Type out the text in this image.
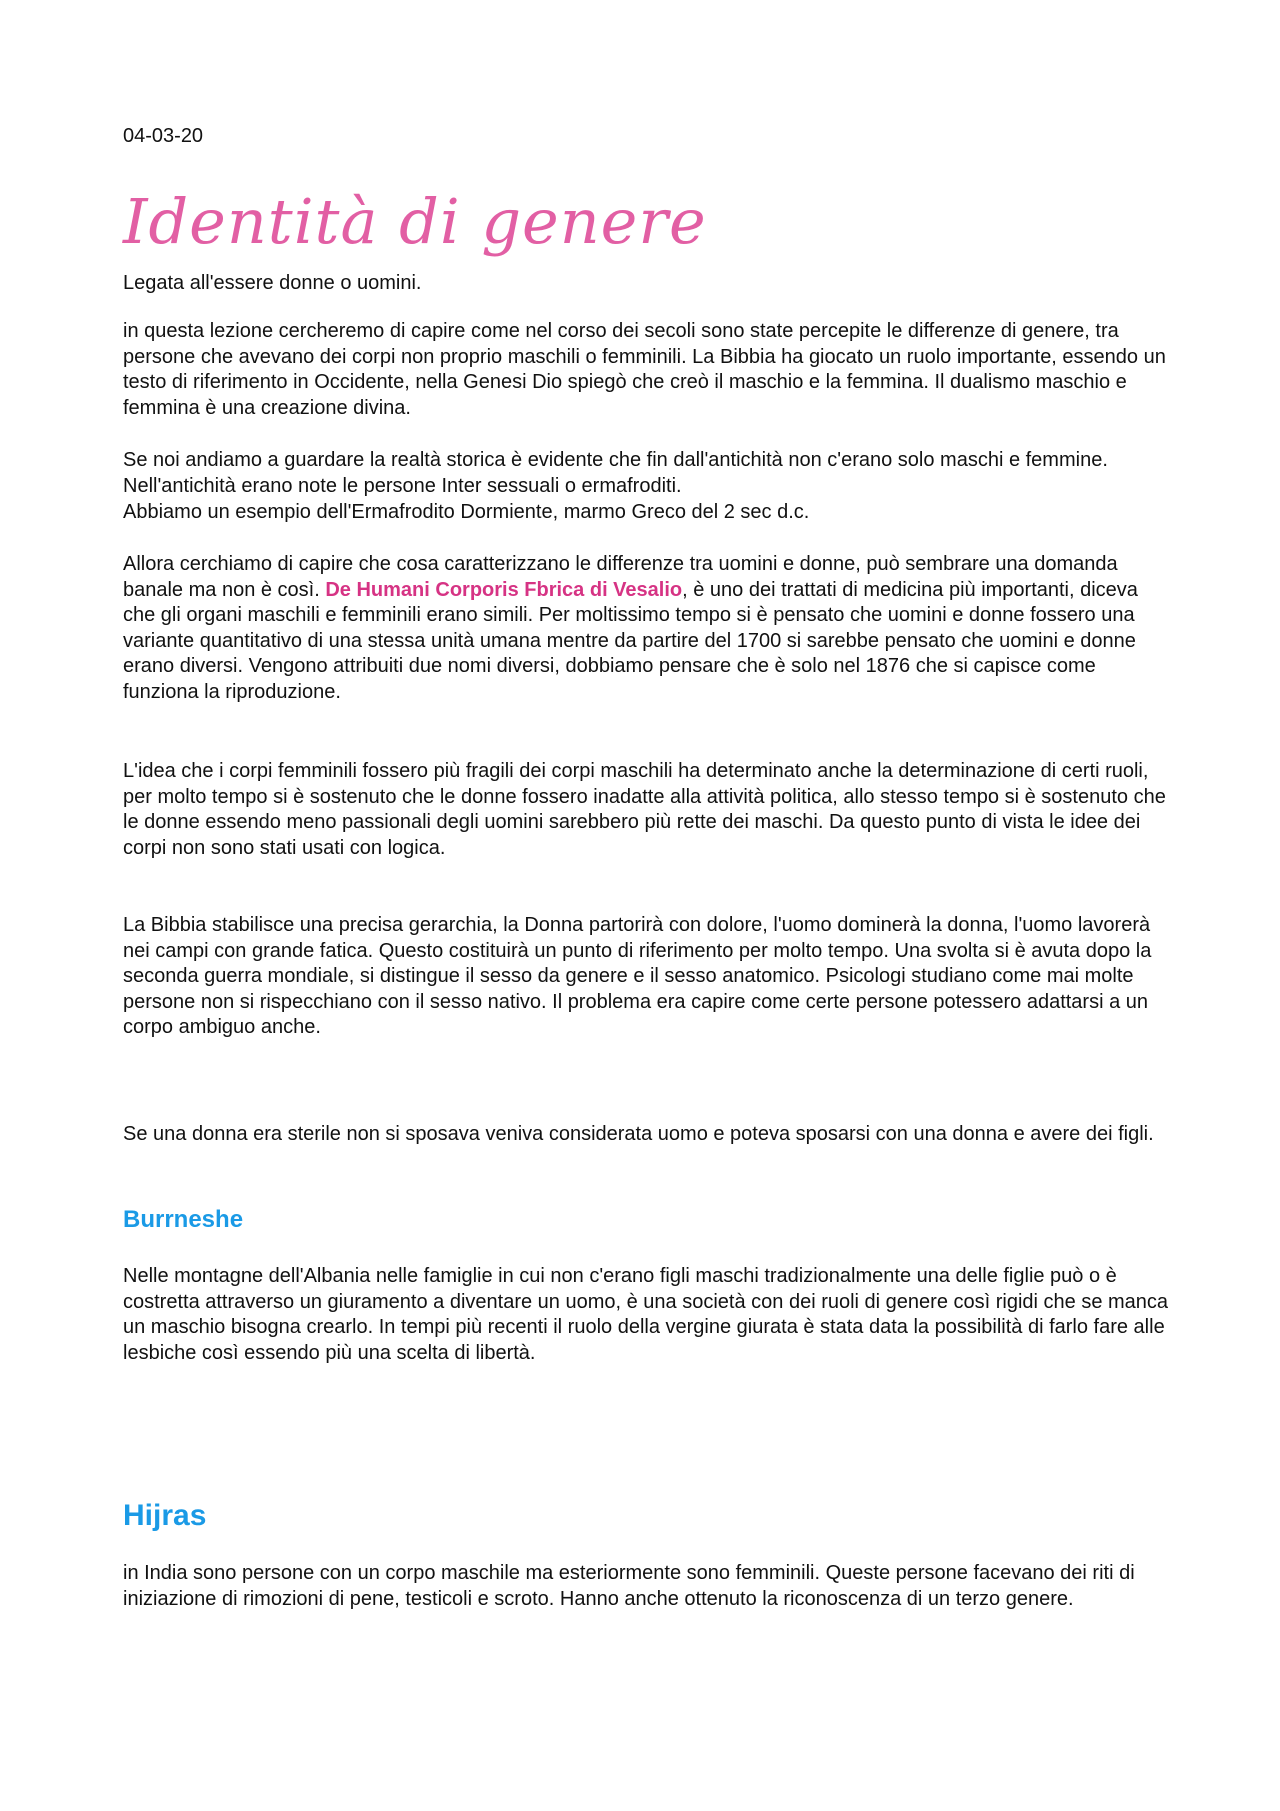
04-03-20
Identità di genere
Legata all'essere donne o uomini.

in questa lezione cercheremo di capire come nel corso dei secoli sono state percepite le differenze di genere, tra persone che avevano dei corpi non proprio maschili o femminili. La Bibbia ha giocato un ruolo importante, essendo un testo di riferimento in Occidente, nella Genesi Dio spiegò che creò il maschio e la femmina. Il dualismo maschio e femmina è una creazione divina.

Se noi andiamo a guardare la realtà storica è evidente che fin dall'antichità non c'erano solo maschi e femmine. Nell'antichità erano note le persone Inter sessuali o ermafroditi.

Abbiamo un esempio dell'Ermafrodito Dormiente, marmo Greco del 2 sec d.c.

Allora cerchiamo di capire che cosa caratterizzano le differenze tra uomini e donne, può sembrare una domanda banale ma non è così. De Humani Corporis Fbrica di Vesalio, è uno dei trattati di medicina più importanti, diceva che gli organi maschili e femminili erano simili. Per moltissimo tempo si è pensato che uomini e donne fossero una variante quantitativo di una stessa unità umana mentre da partire del 1700 si sarebbe pensato che uomini e donne erano diversi. Vengono attribuiti due nomi diversi, dobbiamo pensare che è solo nel 1876 che si capisce come funziona la riproduzione.

L'idea che i corpi femminili fossero più fragili dei corpi maschili ha determinato anche la determinazione di certi ruoli, per molto tempo si è sostenuto che le donne fossero inadatte alla attività politica, allo stesso tempo si è sostenuto che le donne essendo meno passionali degli uomini sarebbero più rette dei maschi. Da questo punto di vista le idee dei corpi non sono stati usati con logica.

La Bibbia stabilisce una precisa gerarchia, la Donna partorirà con dolore, l'uomo dominerà la donna, l'uomo lavorerà nei campi con grande fatica. Questo costituirà un punto di riferimento per molto tempo. Una svolta si è avuta dopo la seconda guerra mondiale, si distingue il sesso da genere e il sesso anatomico. Psicologi studiano come mai molte persone non si rispecchiano con il sesso nativo. Il problema era capire come certe persone potessero adattarsi a un corpo ambiguo anche.

Se una donna era sterile non si sposava veniva considerata uomo e poteva sposarsi con una donna e avere dei figli.

Burrneshe

Nelle montagne dell'Albania nelle famiglie in cui non c'erano figli maschi tradizionalmente una delle figlie può o è costretta attraverso un giuramento a diventare un uomo, è una società con dei ruoli di genere così rigidi che se manca un maschio bisogna crearlo. In tempi più recenti il ruolo della vergine giurata è stata data la possibilità di farlo fare alle lesbiche così essendo più una scelta di libertà.

Hijras

in India sono persone con un corpo maschile ma esteriormente sono femminili. Queste persone facevano dei riti di iniziazione di rimozioni di pene, testicoli e scroto. Hanno anche ottenuto la riconoscenza di un terzo genere.
